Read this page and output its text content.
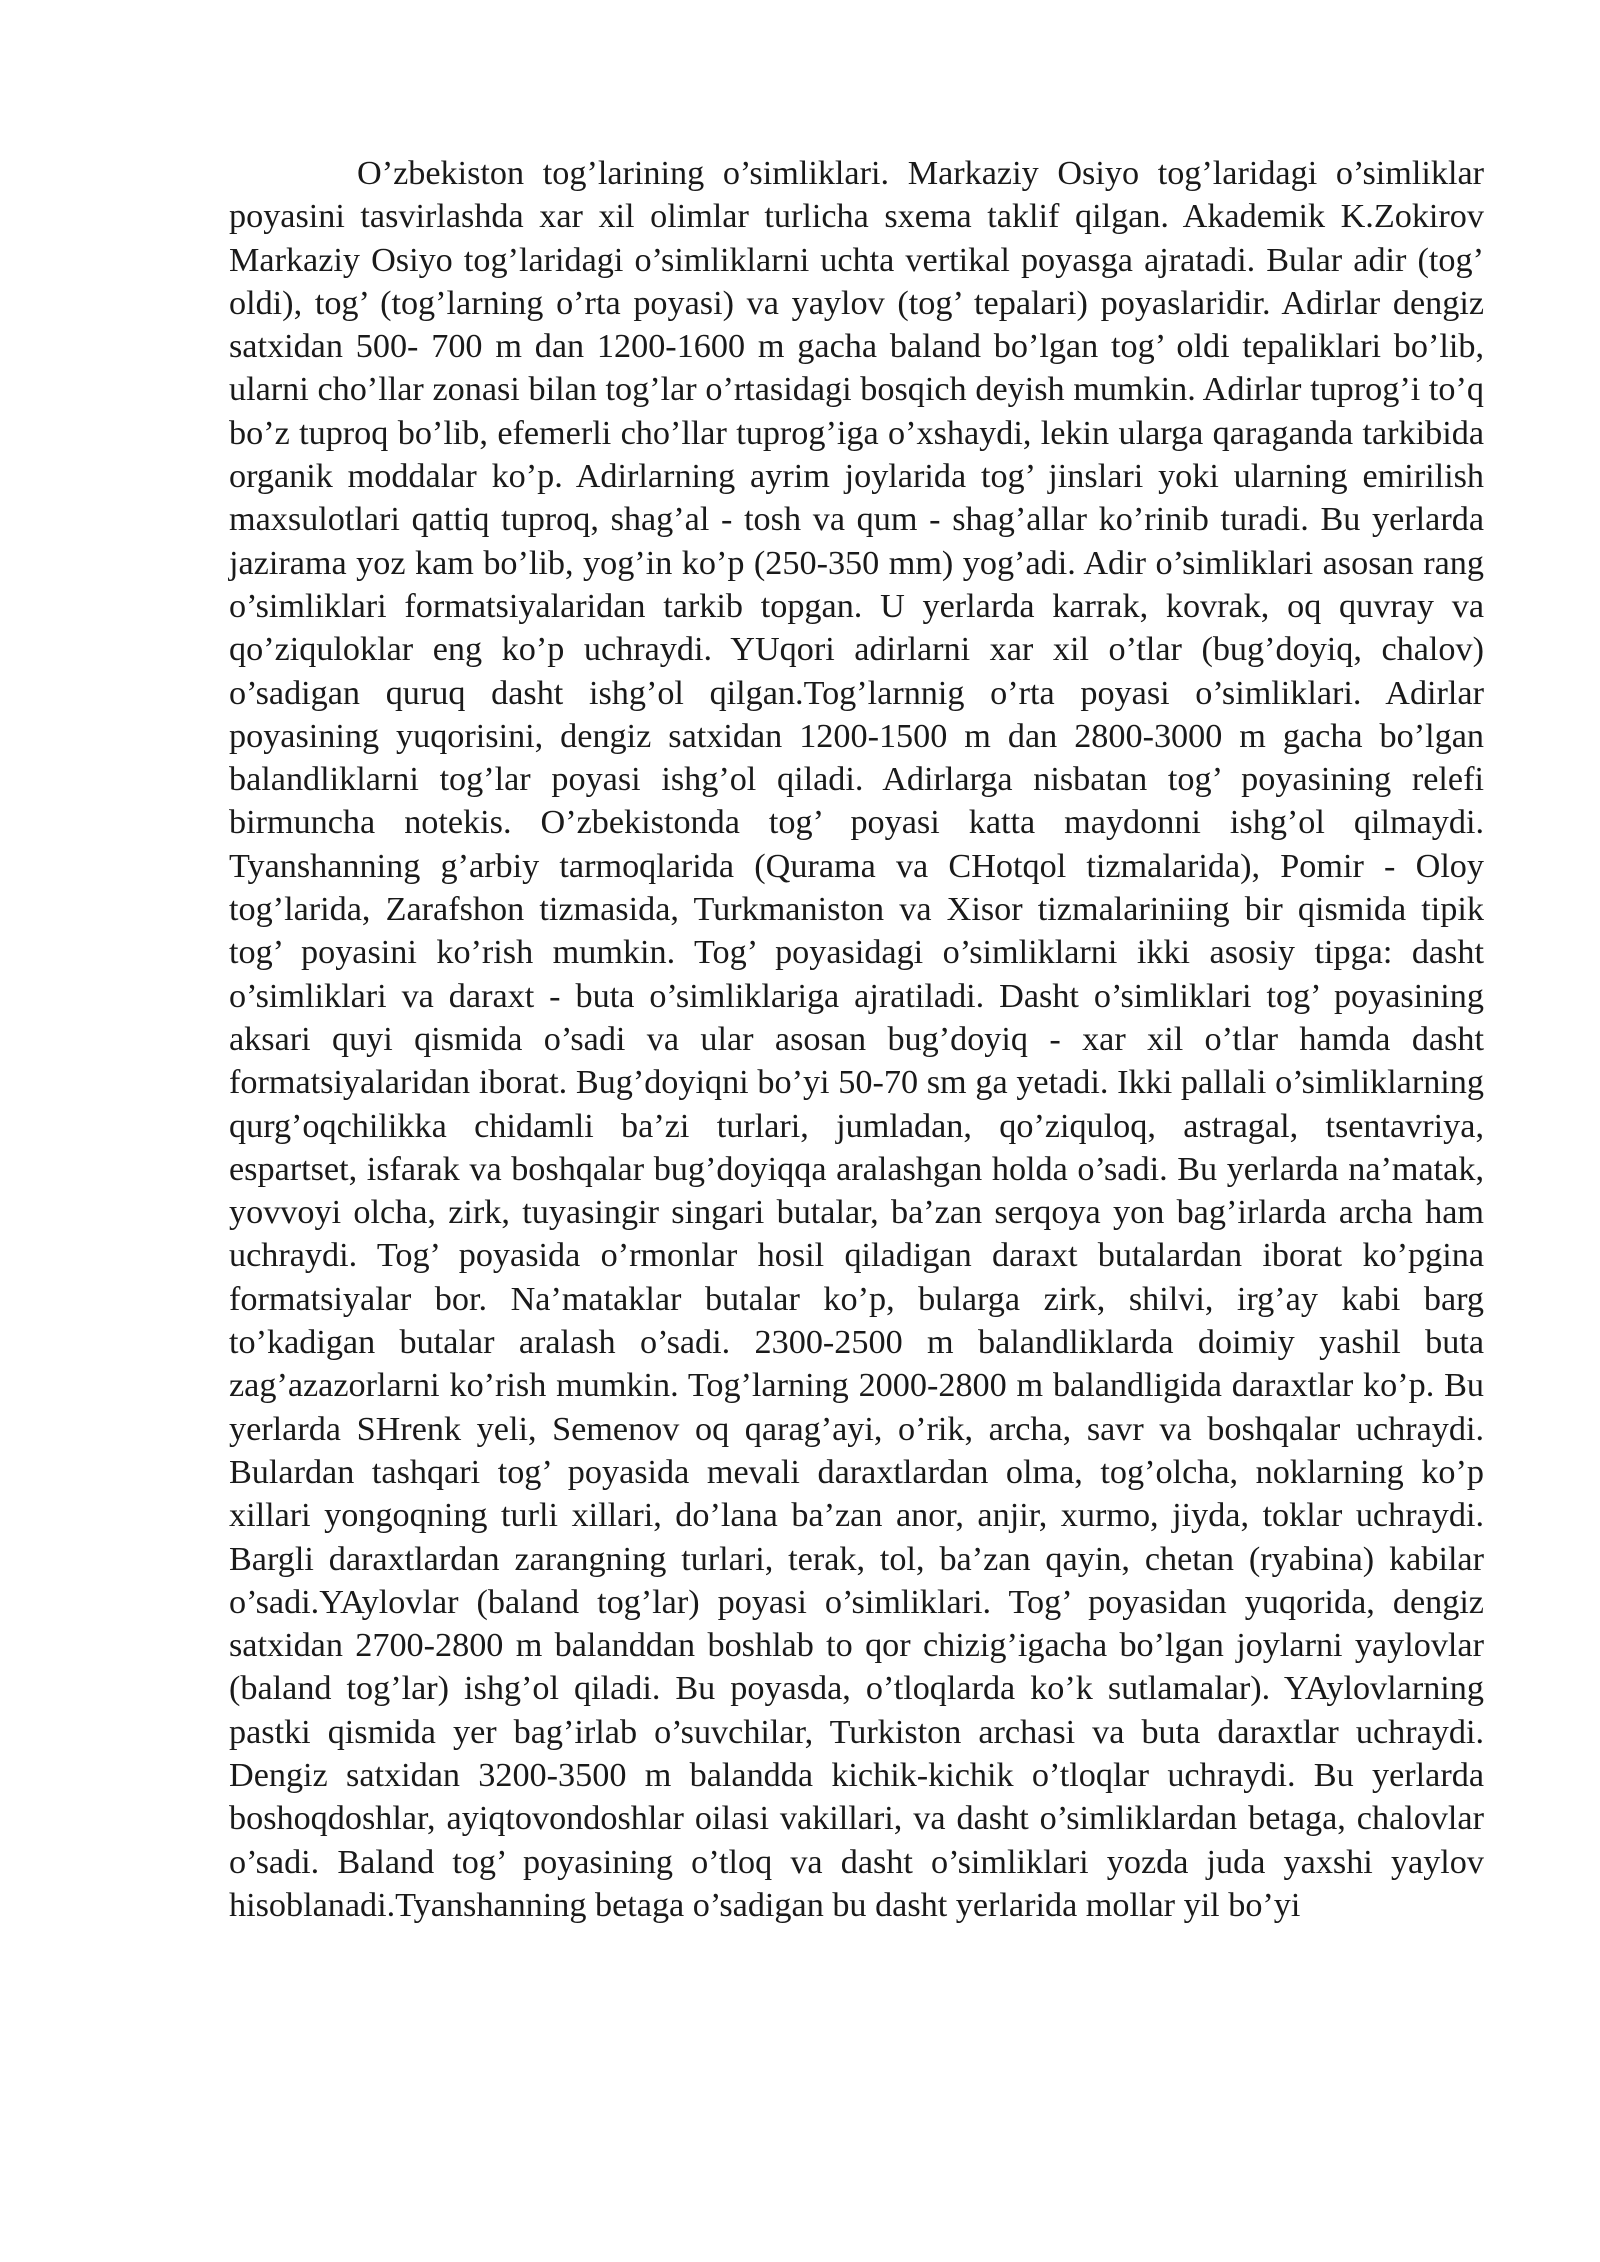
O’zbekiston tog’larining o’simliklari. Markaziy Osiyo tog’laridagi o’simliklar poyasini tasvirlashda xar xil olimlar turlicha sxema taklif qilgan. Akademik K.Zokirov Markaziy Osiyo tog’laridagi o’simliklarni uchta vertikal poyasga ajratadi. Bular adir (tog’ oldi), tog’ (tog’larning o’rta poyasi) va yaylov (tog’ tepalari) poyaslaridir. Adirlar dengiz satxidan 500- 700 m dan 1200-1600 m gacha baland bo’lgan tog’ oldi tepaliklari bo’lib, ularni cho’llar zonasi bilan tog’lar o’rtasidagi bosqich deyish mumkin. Adirlar tuprog’i to’q bo’z tuproq bo’lib, efemerli cho’llar tuprog’iga o’xshaydi, lekin ularga qaraganda tarkibida organik moddalar ko’p. Adirlarning ayrim joylarida tog’ jinslari yoki ularning emirilish maxsulotlari qattiq tuproq, shag’al - tosh va qum - shag’allar ko’rinib turadi. Bu yerlarda jazirama yoz kam bo’lib, yog’in ko’p (250-350 mm) yog’adi. Adir o’simliklari asosan rang o’simliklari formatsiyalaridan tarkib topgan. U yerlarda karrak, kovrak, oq quvray va qo’ziquloklar eng ko’p uchraydi. YUqori adirlarni xar xil o’tlar (bug’doyiq, chalov) o’sadigan quruq dasht ishg’ol qilgan.Tog’larnnig o’rta poyasi o’simliklari. Adirlar poyasining yuqorisini, dengiz satxidan 1200-1500 m dan 2800-3000 m gacha bo’lgan balandliklarni tog’lar poyasi ishg’ol qiladi. Adirlarga nisbatan tog’ poyasining relefi birmuncha notekis. O’zbekistonda tog’ poyasi katta maydonni ishg’ol qilmaydi. Tyanshanning g’arbiy tarmoqlarida (Qurama va CHotqol tizmalarida), Pomir - Oloy tog’larida, Zarafshon tizmasida, Turkmaniston va Xisor tizmalariniing bir qismida tipik tog’ poyasini ko’rish mumkin. Tog’ poyasidagi o’simliklarni ikki asosiy tipga: dasht o’simliklari va daraxt - buta o’simliklariga ajratiladi. Dasht o’simliklari tog’ poyasining aksari quyi qismida o’sadi va ular asosan bug’doyiq - xar xil o’tlar hamda dasht formatsiyalaridan iborat. Bug’doyiqni bo’yi 50-70 sm ga yetadi. Ikki pallali o’simliklarning qurg’oqchilikka chidamli ba’zi turlari, jumladan, qo’ziquloq, astragal, tsentavriya, espartset, isfarak va boshqalar bug’doyiqqa aralashgan holda o’sadi. Bu yerlarda na’matak, yovvoyi olcha, zirk, tuyasingir singari butalar, ba’zan serqoya yon bag’irlarda archa ham uchraydi. Tog’ poyasida o’rmonlar hosil qiladigan daraxt butalardan iborat ko’pgina formatsiyalar bor. Na’mataklar butalar ko’p, bularga zirk, shilvi, irg’ay kabi barg to’kadigan butalar aralash o’sadi. 2300-2500 m balandliklarda doimiy yashil buta zag’azazorlarni ko’rish mumkin. Tog’larning 2000-2800 m balandligida daraxtlar ko’p. Bu yerlarda SHrenk yeli, Semenov oq qarag’ayi, o’rik, archa, savr va boshqalar uchraydi. Bulardan tashqari tog’ poyasida mevali daraxtlardan olma, tog’olcha, noklarning ko’p xillari yongoqning turli xillari, do’lana ba’zan anor, anjir, xurmo, jiyda, toklar uchraydi. Bargli daraxtlardan zarangning turlari, terak, tol, ba’zan qayin, chetan (ryabina) kabilar o’sadi.YAylovlar (baland tog’lar) poyasi o’simliklari. Tog’ poyasidan yuqorida, dengiz satxidan 2700-2800 m balanddan boshlab to qor chizig’igacha bo’lgan joylarni yaylovlar (baland tog’lar) ishg’ol qiladi. Bu poyasda, o’tloqlarda ko’k sutlamalar). YAylovlarning pastki qismida yer bag’irlab o’suvchilar, Turkiston archasi va buta daraxtlar uchraydi. Dengiz satxidan 3200-3500 m balandda kichik-kichik o’tloqlar uchraydi. Bu yerlarda boshoqdoshlar, ayiqtovondoshlar oilasi vakillari, va dasht o’simliklardan betaga, chalovlar o’sadi. Baland tog’ poyasining o’tloq va dasht o’simliklari yozda juda yaxshi yaylov hisoblanadi.Tyanshanning betaga o’sadigan bu dasht yerlarida mollar yil bo’yi
